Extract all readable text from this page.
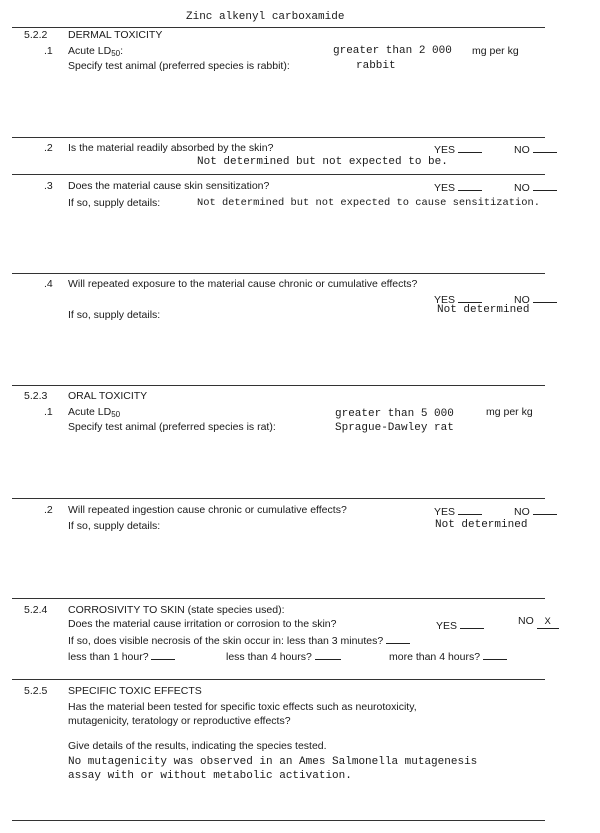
Zinc alkenyl carboxamide
5.2.2 DERMAL TOXICITY
.1 Acute $LD_{50}$:	greater than 2 000 mg per kg
Specify test animal (preferred species is rabbit):	rabbit
.2 Is the material readily absorbed by the skin?	YES	NO
Not determined but not expected to be.
.3 Does the material cause skin sensitization?	YES	NO
If so, supply details:	Not determined but not expected to cause sensitization.
.4 Will repeated exposure to the material cause chronic or cumulative effects?
YES	NO
If so, supply details:	Not determined
5.2.3 ORAL TOXICITY
.1 Acute $LD_{50}$	greater than 5 000	mg per kg
Specify test animal (preferred species is rat):	Sprague-Dawley rat
.2 Will repeated ingestion cause chronic or cumulative effects?	YES	NO
If so, supply details:	Not determined
5.2.4 CORROSIVITY TO SKIN (state species used):
Does the material cause irritation or corrosion to the skin?	YES	NO X
If so, does visible necrosis of the skin occur in: less than 3 minutes?
less than 1 hour?	less than 4 hours?	more than 4 hours?
5.2.5 SPECIFIC TOXIC EFFECTS
Has the material been tested for specific toxic effects such as neurotoxicity,
mutagenicity, teratology or reproductive effects?
Give details of the results, indicating the species tested.
No mutagenicity was observed in an Ames Salmonella mutagenesis
assay with or without metabolic activation.
